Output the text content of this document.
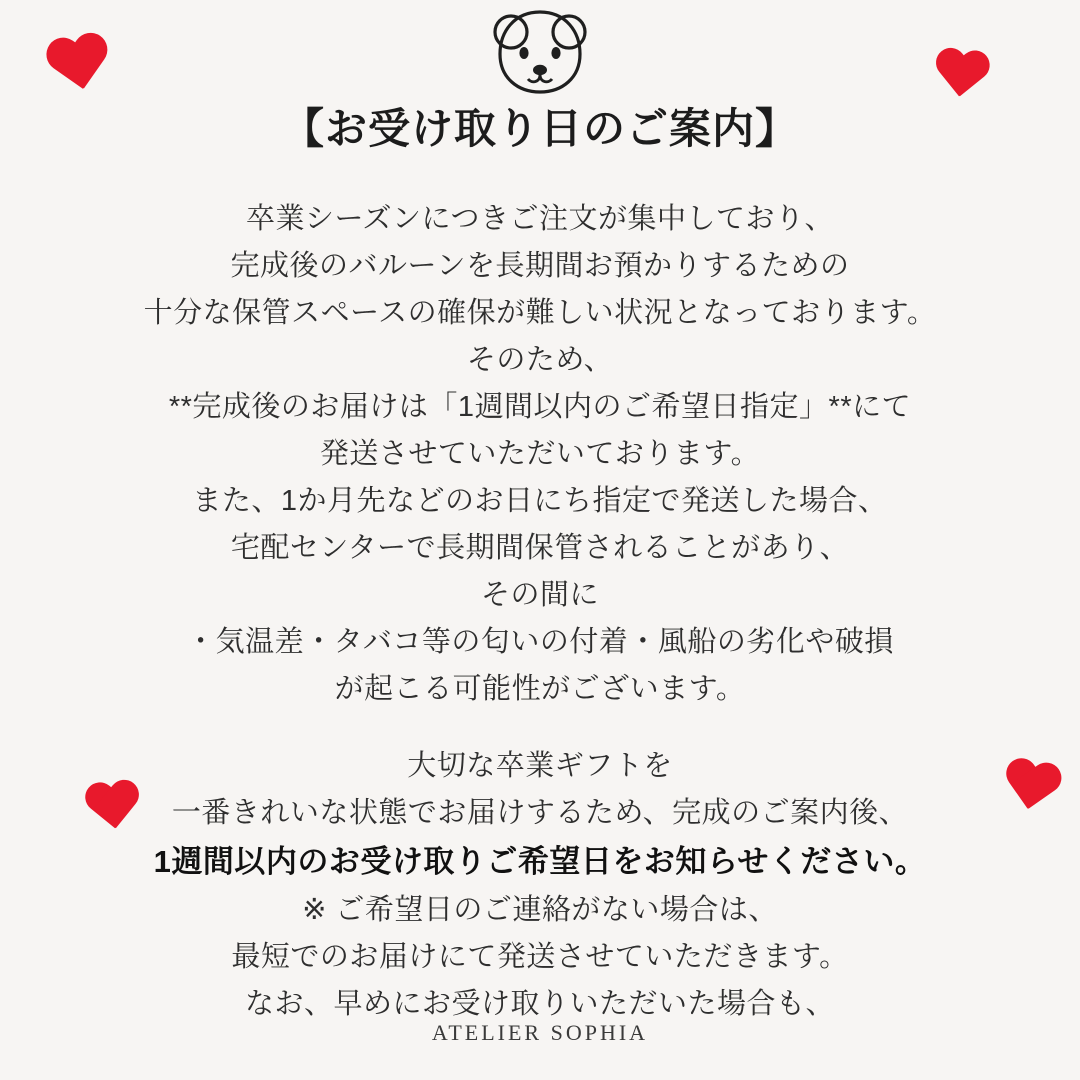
【お受け取り日のご案内】
卒業シーズンにつきご注文が集中しており、
完成後のバルーンを長期間お預かりするための
十分な保管スペースの確保が難しい状況となっております。
そのため、
**完成後のお届けは「1週間以内のご希望日指定」**にて
発送させていただいております。
また、1か月先などのお日にち指定で発送した場合、
宅配センターで長期間保管されることがあり、
その間に
・気温差・タバコ等の匂いの付着・風船の劣化や破損
が起こる可能性がございます。
大切な卒業ギフトを
一番きれいな状態でお届けするため、完成のご案内後、
1週間以内のお受け取りご希望日をお知らせください。
※ ご希望日のご連絡がない場合は、
最短でのお届けにて発送させていただきます。
なお、早めにお受け取りいただいた場合も、
ATELIER SOPHIA
